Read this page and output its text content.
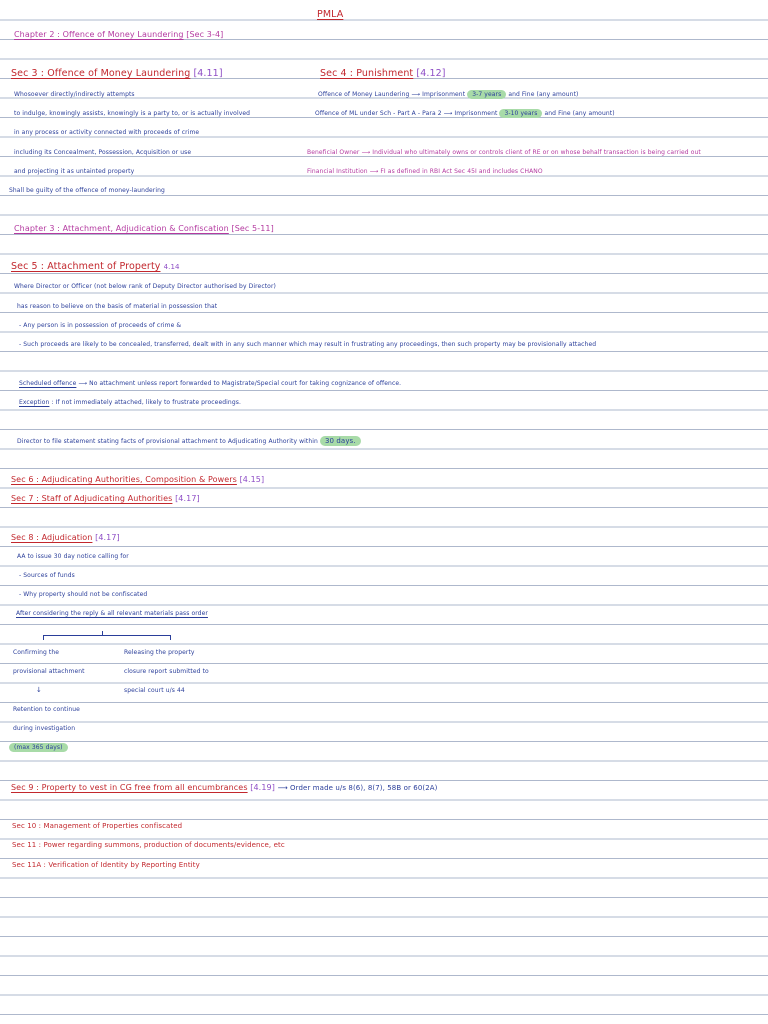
PMLA
Chapter 2 : Offence of Money Laundering [Sec 3-4]
Sec 3 : Offence of Money Laundering [4.11]
Whosoever directly/indirectly attempts
to indulge, knowingly assists, knowingly is a party to, or is actually involved
in any process or activity connected with proceeds of crime
including its Concealment, Possession, Acquisition or use
and projecting it as untainted property
Shall be guilty of the offence of money-laundering
Sec 4 : Punishment [4.12]
Offence of Money Laundering ⟶ Imprisonment 3-7 years and Fine (any amount)
Offence of ML under Sch - Part A - Para 2 ⟶ Imprisonment 3-10 years and Fine (any amount)
Beneficial Owner ⟶ Individual who ultimately owns or controls client of RE or on whose behalf transaction is being carried out
Financial Institution ⟶ FI as defined in RBI Act Sec 45I and includes CHANO
Chapter 3 : Attachment, Adjudication & Confiscation [Sec 5-11]
Sec 5 : Attachment of Property 4.14
Where Director or Officer (not below rank of Deputy Director authorised by Director)
has reason to believe on the basis of material in possession that
- Any person is in possession of proceeds of crime &
- Such proceeds are likely to be concealed, transferred, dealt with in any such manner which may result in frustrating any proceedings, then such property may be provisionally attached
Scheduled offence ⟶ No attachment unless report forwarded to Magistrate/Special court for taking cognizance of offence.
Exception : If not immediately attached, likely to frustrate proceedings.
Director to file statement stating facts of provisional attachment to Adjudicating Authority within 30 days.
Sec 6 : Adjudicating Authorities, Composition & Powers [4.15]
Sec 7 : Staff of Adjudicating Authorities [4.17]
Sec 8 : Adjudication [4.17]
AA to issue 30 day notice calling for
- Sources of funds
- Why property should not be confiscated
After considering the reply & all relevant materials pass order
Confirming the
provisional attachment
↓
Retention to continue
during investigation
(max 365 days)
Releasing the property
closure report submitted to
special court u/s 44
Sec 9 : Property to vest in CG free from all encumbrances [4.19] ⟶ Order made u/s 8(6), 8(7), 58B or 60(2A)
Sec 10 : Management of Properties confiscated
Sec 11 : Power regarding summons, production of documents/evidence, etc
Sec 11A : Verification of Identity by Reporting Entity
